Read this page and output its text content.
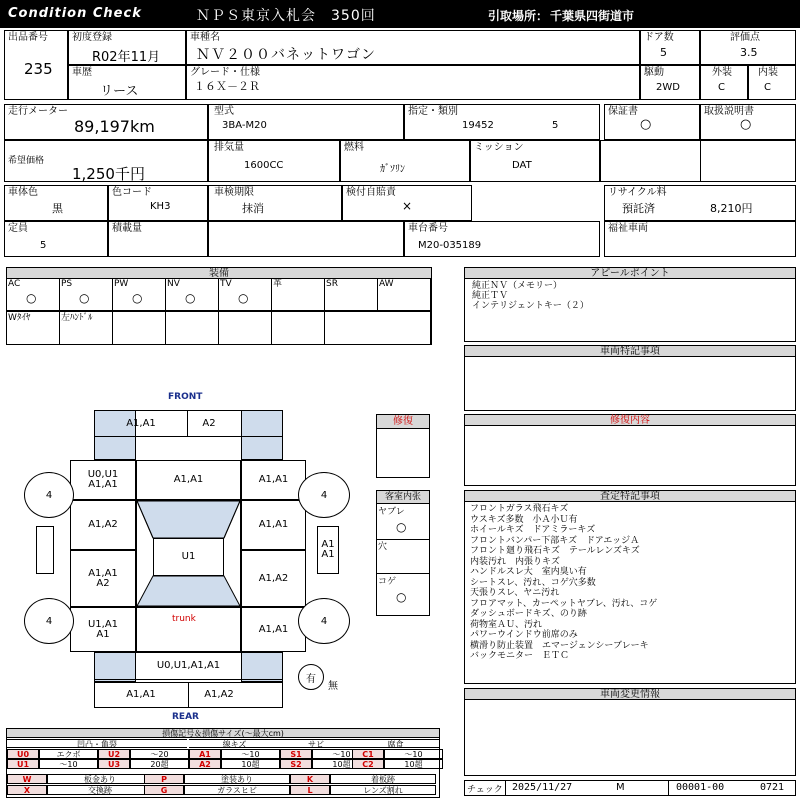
Condition Check	ＮＰＳ東京入札会　350回	引取場所： 千葉県四街道市
出品番号
235
初度登録
R02年11月
車種名
ＮＶ２００バネットワゴン
ドア数
5
評価点
3.5
車歴
リース
グレード・仕様
１６Ｘ－２Ｒ
駆動
2WD
外装
C
内装
C
走行メーター
89,197km
型式
3BA-M20
指定・類別
19452	5
保証書
○
取扱説明書
○
希望価格
1,250千円
排気量
1600CC
燃料
ｶﾞｿﾘﾝ
ミッション
DAT
車体色
黒
色コード
KH3
車検期限
抹消
検付自賠責
×
リサイクル料
預託済	8,210円
定員
5
積載量	車台番号
M20-035189
福祉車両
装備	アピールポイント
純正ＮＶ（メモリー）
純正ＴＶ
インテリジェントキー（２）
車両特記事項
修復内容
査定特記事項
フロントガラス飛石キズ
ウスキズ多数　小Ａ小Ｕ有
ホイールキズ　ドアミラーキズ
フロントバンパー下部キズ　ドアエッジＡ
フロント廻り飛石キズ　テールレンズキズ
内装汚れ　内張りキズ
ハンドルスレ大　室内臭い有
シートスレ、汚れ、コゲ穴多数
天張りスレ、ヤニ汚れ
フロアマット、カーペットヤブレ、汚れ、コゲ
ダッシュボードキズ、のり跡
荷物室ＡＵ、汚れ
パワーウインドウ前席のみ
横滑り防止装置　エマージェンシーブレーキ
バックモニター　ＥＴＣ
車両変更情報
FRONT
REAR
A1,A1	A2
U0,U1
A1,A1	A1,A1	A1,A1
A1,A2	A1,A1
A1,A1
A2	A1,A2
U1
U1,A1
A1	A1,A1
trunk
U0,U1,A1,A1
A1,A1	A1,A2
A1
A1
4	4
4	4
有
無
修復
客室内张
ヤブレ
○
穴
コゲ
○
損傷記号＆損傷サイズ(～最大cm)
チェック 2025/11/27	M	00001-00	0721
AC
○
PS
○
PW
○
NV
○
TV
○
革	SR	AW
Wﾀｲﾔ	左ﾊﾝﾄﾞﾙ
凹凸・亀裂	線キズ	サビ	腐食
U0	エクボ	U2	～20	A1	～10	S1	～10	C1	～10
U1	～10	U3	20超	A2	10超	S2	10超	C2	10超
W	板金あり	P	塗装あり	K	着板跡
X	交換跡	G	ガラスヒビ	L	レンズ割れ
